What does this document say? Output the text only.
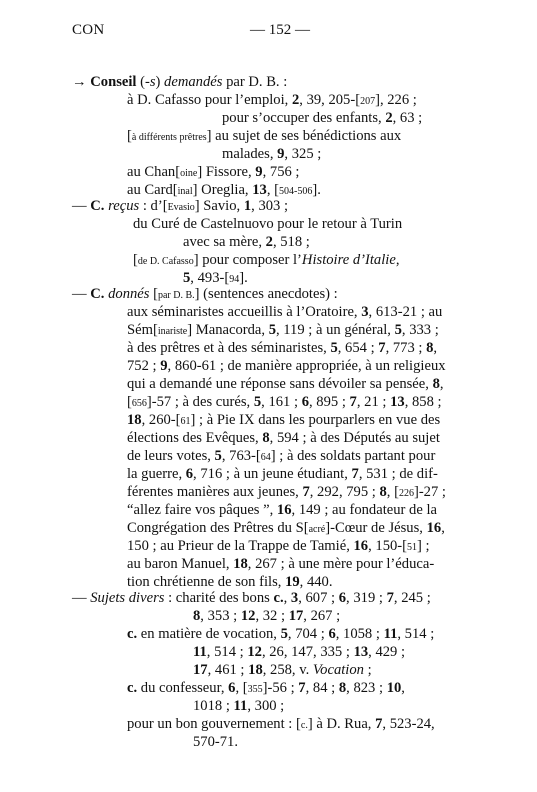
CON	— 152 —
→ Conseil (-s) demandés par D. B. :
à D. Cafasso pour l’emploi, 2, 39, 205-[207], 226 ;
pour s’occuper des enfants, 2, 63 ;
[à différents prêtres] au sujet de ses bénédictions aux
malades, 9, 325 ;
au Chan[oine] Fissore, 9, 756 ;
au Card[inal] Oreglia, 13, [504-506].
— C. reçus : d’[Evasio] Savio, 1, 303 ;
du Curé de Castelnuovo pour le retour à Turin
avec sa mère, 2, 518 ;
[de D. Cafasso] pour composer l’Histoire d’Italie,
5, 493-[94].
— C. donnés [par D. B.] (sentences anecdotes) :
aux séminaristes accueillis à l’Oratoire, 3, 613-21 ; au
Sém[inariste] Manacorda, 5, 119 ; à un général, 5, 333 ;
à des prêtres et à des séminaristes, 5, 654 ; 7, 773 ; 8,
752 ; 9, 860-61 ; de manière appropriée, à un religieux
qui a demandé une réponse sans dévoiler sa pensée, 8,
[656]-57 ; à des curés, 5, 161 ; 6, 895 ; 7, 21 ; 13, 858 ;
18, 260-[61] ; à Pie IX dans les pourparlers en vue des
élections des Evêques, 8, 594 ; à des Députés au sujet
de leurs votes, 5, 763-[64] ; à des soldats partant pour
la guerre, 6, 716 ; à un jeune étudiant, 7, 531 ; de dif-
férentes manières aux jeunes, 7, 292, 795 ; 8, [226]-27 ;
“allez faire vos pâques ”, 16, 149 ; au fondateur de la
Congrégation des Prêtres du S[acré]-Cœur de Jésus, 16,
150 ; au Prieur de la Trappe de Tamié, 16, 150-[51] ;
au baron Manuel, 18, 267 ; à une mère pour l’éduca-
tion chrétienne de son fils, 19, 440.
— Sujets divers : charité des bons c., 3, 607 ; 6, 319 ; 7, 245 ;
8, 353 ; 12, 32 ; 17, 267 ;
c. en matière de vocation, 5, 704 ; 6, 1058 ; 11, 514 ;
11, 514 ; 12, 26, 147, 335 ; 13, 429 ;
17, 461 ; 18, 258, v. Vocation ;
c. du confesseur, 6, [355]-56 ; 7, 84 ; 8, 823 ; 10,
1018 ; 11, 300 ;
pour un bon gouvernement : [c.] à D. Rua, 7, 523-24,
570-71.
